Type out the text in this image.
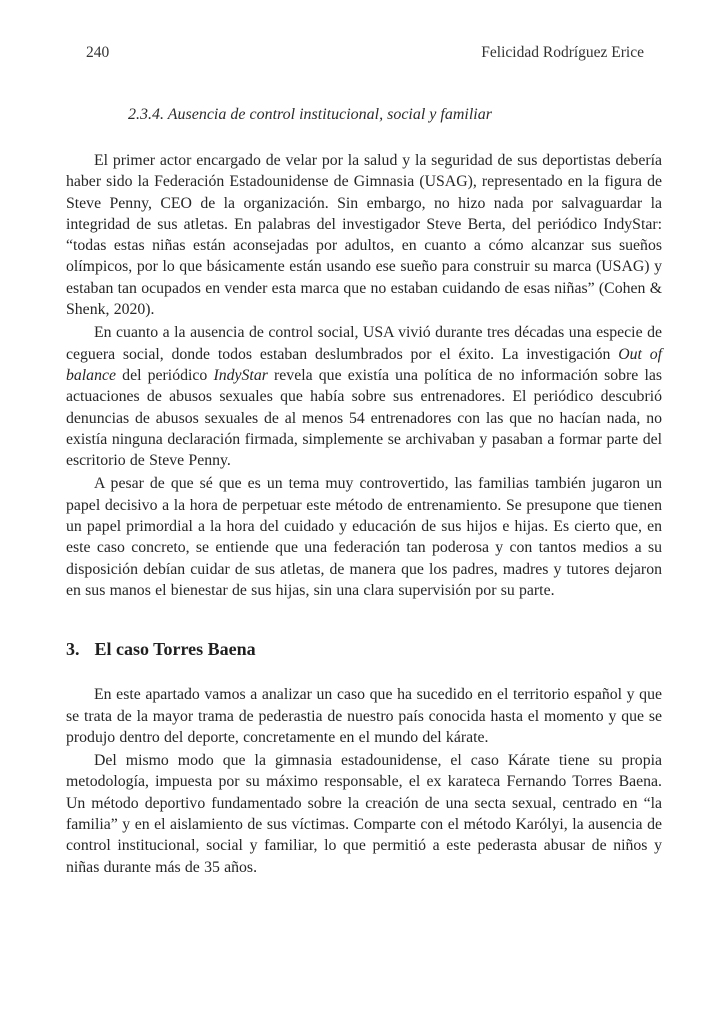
240	Felicidad Rodríguez Erice
2.3.4. Ausencia de control institucional, social y familiar

El primer actor encargado de velar por la salud y la seguridad de sus deportistas debería haber sido la Federación Estadounidense de Gimnasia (USAG), representado en la figura de Steve Penny, CEO de la organización. Sin embargo, no hizo nada por salvaguardar la integridad de sus atletas. En palabras del investigador Steve Berta, del periódico IndyStar: “todas estas niñas están aconsejadas por adultos, en cuanto a cómo alcanzar sus sueños olímpicos, por lo que básicamente están usando ese sueño para construir su marca (USAG) y estaban tan ocupados en vender esta marca que no estaban cuidando de esas niñas” (Cohen & Shenk, 2020).

En cuanto a la ausencia de control social, USA vivió durante tres décadas una especie de ceguera social, donde todos estaban deslumbrados por el éxito. La investigación Out of balance del periódico IndyStar revela que existía una política de no información sobre las actuaciones de abusos sexuales que había sobre sus entrenadores. El periódico descubrió denuncias de abusos sexuales de al menos 54 entrenadores con las que no hacían nada, no existía ninguna declaración firmada, simplemente se archivaban y pasaban a formar parte del escritorio de Steve Penny.

A pesar de que sé que es un tema muy controvertido, las familias también jugaron un papel decisivo a la hora de perpetuar este método de entrenamiento. Se presupone que tienen un papel primordial a la hora del cuidado y educación de sus hijos e hijas. Es cierto que, en este caso concreto, se entiende que una federación tan poderosa y con tantos medios a su disposición debían cuidar de sus atletas, de manera que los padres, madres y tutores dejaron en sus manos el bienestar de sus hijas, sin una clara supervisión por su parte.

3. El caso Torres Baena

En este apartado vamos a analizar un caso que ha sucedido en el territorio español y que se trata de la mayor trama de pederastia de nuestro país conocida hasta el momento y que se produjo dentro del deporte, concretamente en el mundo del kárate.

Del mismo modo que la gimnasia estadounidense, el caso Kárate tiene su propia metodología, impuesta por su máximo responsable, el ex karateca Fernando Torres Baena. Un método deportivo fundamentado sobre la creación de una secta sexual, centrado en “la familia” y en el aislamiento de sus víctimas. Comparte con el método Karólyi, la ausencia de control institucional, social y familiar, lo que permitió a este pederasta abusar de niños y niñas durante más de 35 años.
